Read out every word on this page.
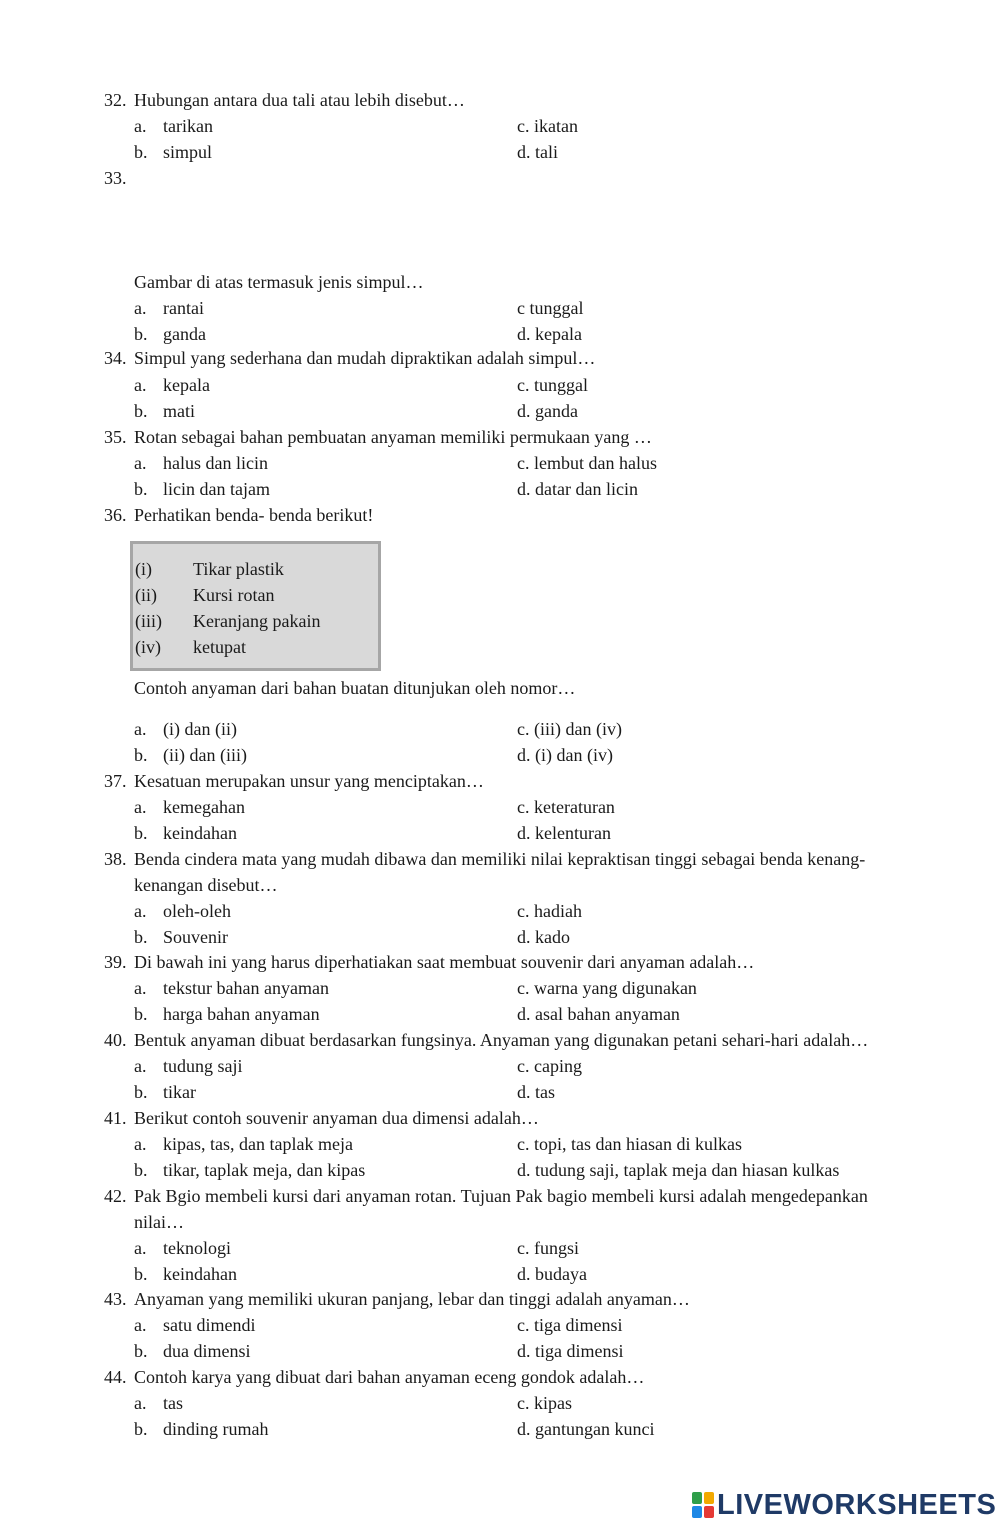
32. Hubungan antara dua tali atau lebih disebut…
a. tarikan	c. ikatan
b. simpul	d. tali
33.
Gambar di atas termasuk jenis simpul…
a. rantai	c tunggal
b. ganda	d. kepala
34. Simpul yang sederhana dan mudah dipraktikan adalah simpul…
a. kepala	c. tunggal
b. mati	d. ganda
35. Rotan sebagai bahan pembuatan anyaman memiliki permukaan yang …
a. halus dan licin	c. lembut dan halus
b. licin dan tajam	d. datar dan licin
36. Perhatikan benda- benda berikut!
Contoh anyaman dari bahan buatan ditunjukan oleh nomor…
a. (i) dan (ii)	c. (iii) dan (iv)
b. (ii) dan (iii)	d. (i) dan (iv)
37. Kesatuan merupakan unsur yang menciptakan…
a. kemegahan	c. keteraturan
b. keindahan	d. kelenturan
38. Benda cindera mata yang mudah dibawa dan memiliki nilai kepraktisan tinggi sebagai benda kenang-
kenangan disebut…
a. oleh-oleh	c. hadiah
b. Souvenir	d. kado
39. Di bawah ini yang harus diperhatiakan saat membuat souvenir dari anyaman adalah…
a. tekstur bahan anyaman	c. warna yang digunakan
b. harga bahan anyaman	d. asal bahan anyaman
40. Bentuk anyaman dibuat berdasarkan fungsinya. Anyaman yang digunakan petani sehari-hari adalah…
a. tudung saji	c. caping
b. tikar	d. tas
41. Berikut contoh souvenir anyaman dua dimensi adalah…
a. kipas, tas, dan taplak meja	c. topi, tas dan hiasan di kulkas
b. tikar, taplak meja, dan kipas	d. tudung saji, taplak meja dan hiasan kulkas
42. Pak Bgio membeli kursi dari anyaman rotan. Tujuan Pak bagio membeli kursi adalah mengedepankan
nilai…
a. teknologi	c. fungsi
b. keindahan	d. budaya
43. Anyaman yang memiliki ukuran panjang, lebar dan tinggi adalah anyaman…
a. satu dimendi	c. tiga dimensi
b. dua dimensi	d. tiga dimensi
44. Contoh karya yang dibuat dari bahan anyaman eceng gondok adalah…
a. tas	c. kipas
b. dinding rumah	d. gantungan kunci
(i) Tikar plastik
(ii) Kursi rotan
(iii) Keranjang pakain
(iv) ketupat
LIVEWORKSHEETS
